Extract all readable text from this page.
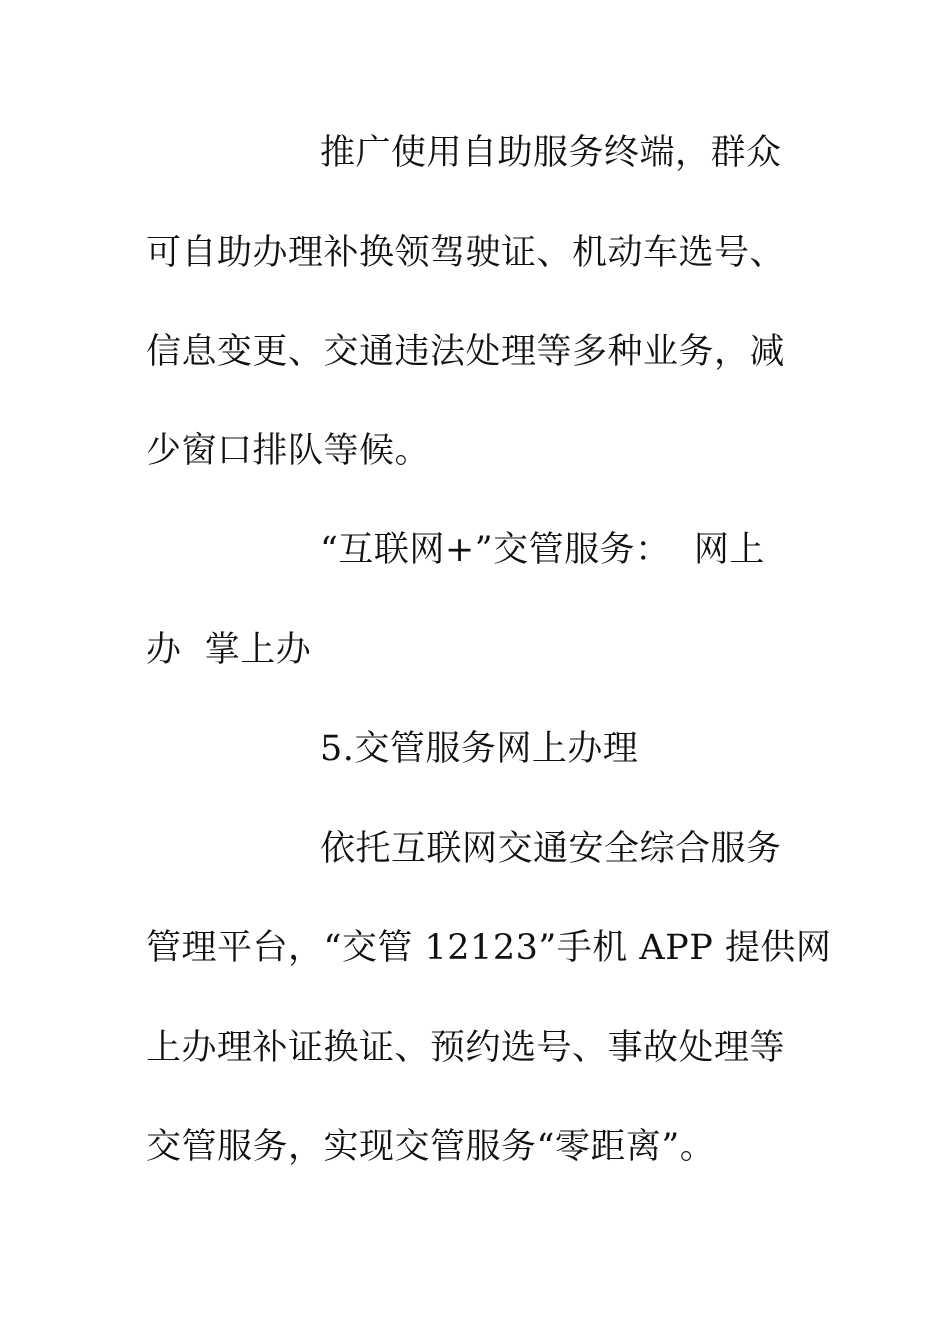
推广使用自助服务终端，群众
可自助办理补换领驾驶证、机动车选号、
信息变更、交通违法处理等多种业务，减
少窗口排队等候。
“互联网+”交管服务：  网上
办  掌上办
5.交管服务网上办理
依托互联网交通安全综合服务
管理平台，“交管 12123”手机 APP 提供网
上办理补证换证、预约选号、事故处理等
交管服务，实现交管服务“零距离”。
